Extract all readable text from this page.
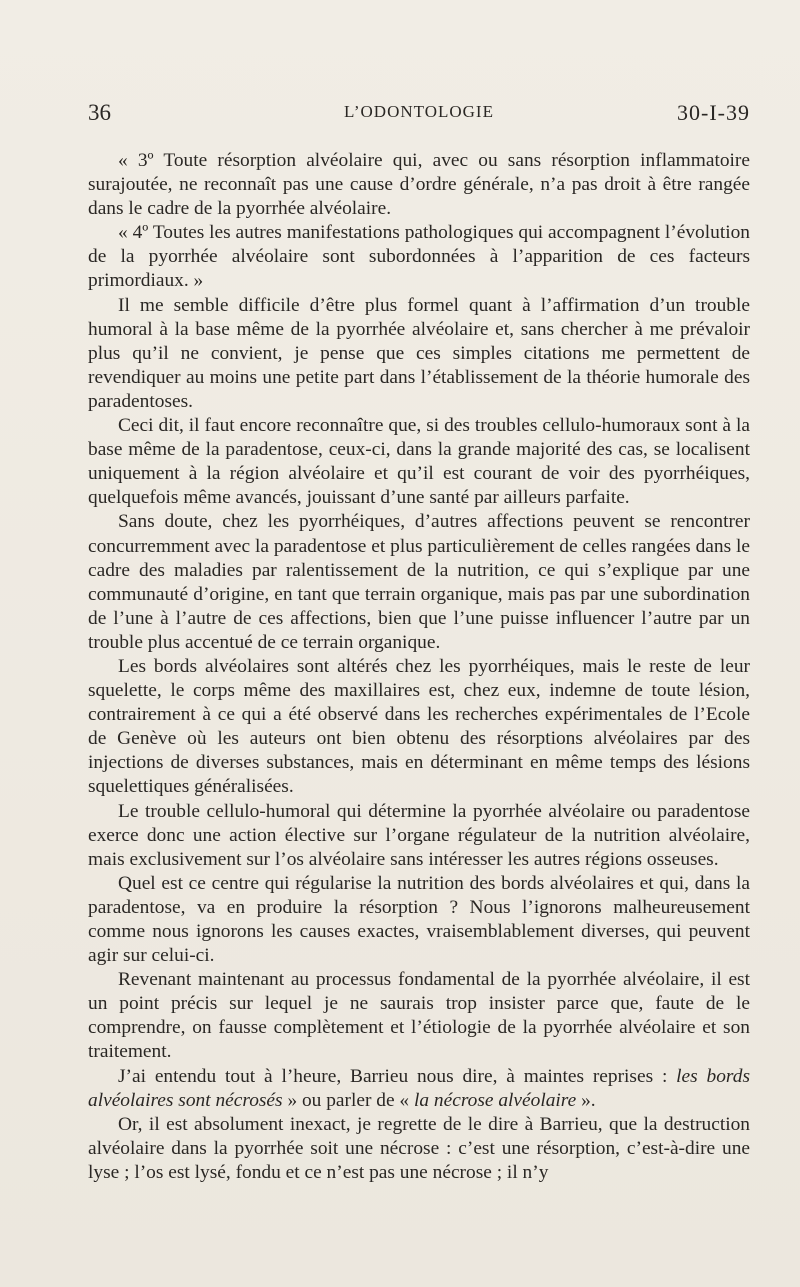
36	L’ODONTOLOGIE	30-I-39

« 3º Toute résorption alvéolaire qui, avec ou sans résorption inflammatoire surajoutée, ne reconnaît pas une cause d’ordre générale, n’a pas droit à être rangée dans le cadre de la pyorrhée alvéolaire.

« 4º Toutes les autres manifestations pathologiques qui accompagnent l’évolution de la pyorrhée alvéolaire sont subordonnées à l’apparition de ces facteurs primordiaux. »

Il me semble difficile d’être plus formel quant à l’affirmation d’un trouble humoral à la base même de la pyorrhée alvéolaire et, sans chercher à me prévaloir plus qu’il ne convient, je pense que ces simples citations me permettent de revendiquer au moins une petite part dans l’établissement de la théorie humorale des paradentoses.

Ceci dit, il faut encore reconnaître que, si des troubles cellulo-humoraux sont à la base même de la paradentose, ceux-ci, dans la grande majorité des cas, se localisent uniquement à la région alvéolaire et qu’il est courant de voir des pyorrhéiques, quelquefois même avancés, jouissant d’une santé par ailleurs parfaite.

Sans doute, chez les pyorrhéiques, d’autres affections peuvent se rencontrer concurremment avec la paradentose et plus particulièrement de celles rangées dans le cadre des maladies par ralentissement de la nutrition, ce qui s’explique par une communauté d’origine, en tant que terrain organique, mais pas par une subordination de l’une à l’autre de ces affections, bien que l’une puisse influencer l’autre par un trouble plus accentué de ce terrain organique.

Les bords alvéolaires sont altérés chez les pyorrhéiques, mais le reste de leur squelette, le corps même des maxillaires est, chez eux, indemne de toute lésion, contrairement à ce qui a été observé dans les recherches expérimentales de l’Ecole de Genève où les auteurs ont bien obtenu des résorptions alvéolaires par des injections de diverses substances, mais en déterminant en même temps des lésions squelettiques généralisées.

Le trouble cellulo-humoral qui détermine la pyorrhée alvéolaire ou paradentose exerce donc une action élective sur l’organe régulateur de la nutrition alvéolaire, mais exclusivement sur l’os alvéolaire sans intéresser les autres régions osseuses.

Quel est ce centre qui régularise la nutrition des bords alvéolaires et qui, dans la paradentose, va en produire la résorption ? Nous l’ignorons malheureusement comme nous ignorons les causes exactes, vraisemblablement diverses, qui peuvent agir sur celui-ci.

Revenant maintenant au processus fondamental de la pyorrhée alvéolaire, il est un point précis sur lequel je ne saurais trop insister parce que, faute de le comprendre, on fausse complètement et l’étiologie de la pyorrhée alvéolaire et son traitement.

J’ai entendu tout à l’heure, Barrieu nous dire, à maintes reprises : les bords alvéolaires sont nécrosés » ou parler de « la nécrose alvéolaire ».

Or, il est absolument inexact, je regrette de le dire à Barrieu, que la destruction alvéolaire dans la pyorrhée soit une nécrose : c’est une résorption, c’est-à-dire une lyse ; l’os est lysé, fondu et ce n’est pas une nécrose ; il n’y
